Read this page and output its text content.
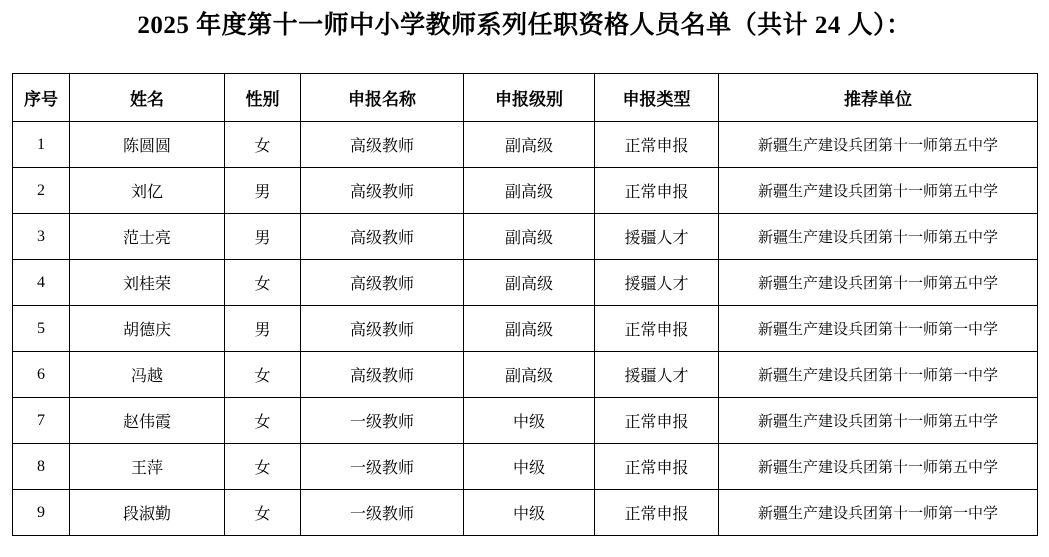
2025 年度第十一师中小学教师系列任职资格人员名单（共计 24 人）：
序号	姓名	性别	申报名称	申报级别	申报类型	推荐单位
1	陈圆圆	女	高级教师	副高级	正常申报	新疆生产建设兵团第十一师第五中学
2	刘亿	男	高级教师	副高级	正常申报	新疆生产建设兵团第十一师第五中学
3	范士亮	男	高级教师	副高级	援疆人才	新疆生产建设兵团第十一师第五中学
4	刘桂荣	女	高级教师	副高级	援疆人才	新疆生产建设兵团第十一师第五中学
5	胡德庆	男	高级教师	副高级	正常申报	新疆生产建设兵团第十一师第一中学
6	冯越	女	高级教师	副高级	援疆人才	新疆生产建设兵团第十一师第一中学
7	赵伟霞	女	一级教师	中级	正常申报	新疆生产建设兵团第十一师第五中学
8	王萍	女	一级教师	中级	正常申报	新疆生产建设兵团第十一师第五中学
9	段淑勤	女	一级教师	中级	正常申报	新疆生产建设兵团第十一师第一中学
